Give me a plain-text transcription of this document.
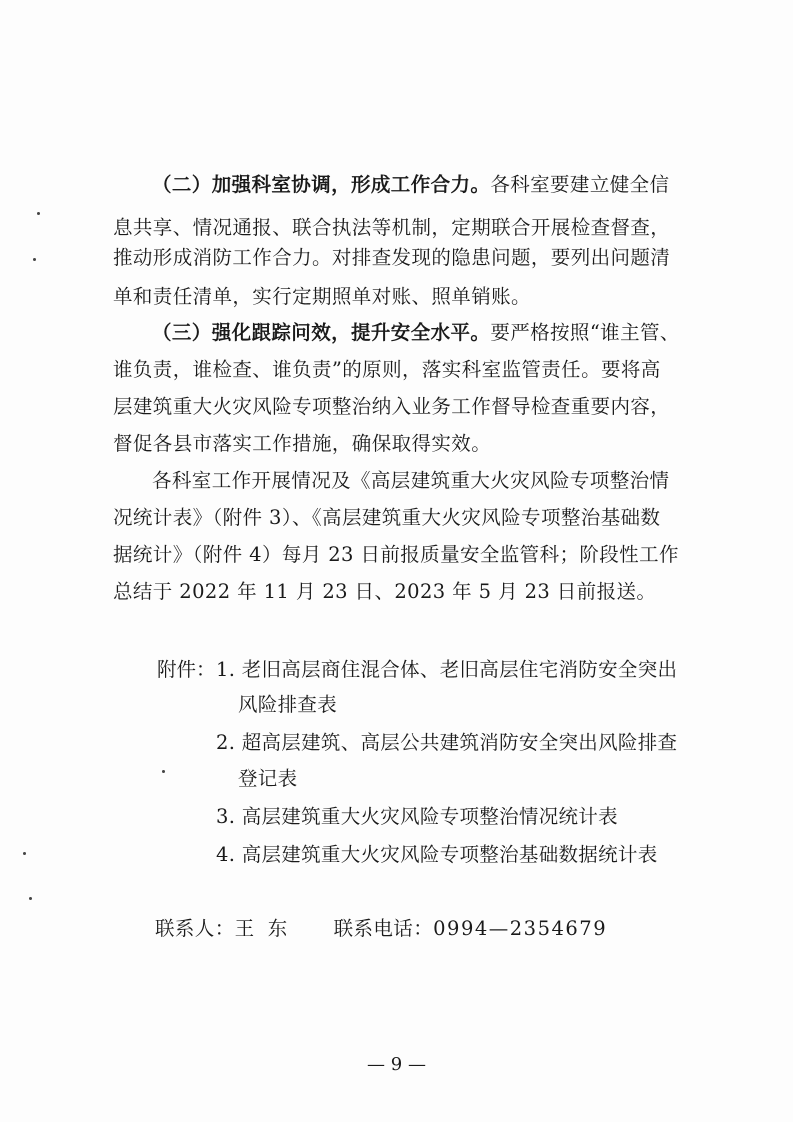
（二）加强科室协调，形成工作合力。各科室要建立健全信
息共享、情况通报、联合执法等机制，定期联合开展检查督查，
推动形成消防工作合力。对排查发现的隐患问题，要列出问题清
单和责任清单，实行定期照单对账、照单销账。
（三）强化跟踪问效，提升安全水平。要严格按照“谁主管、
谁负责，谁检查、谁负责”的原则，落实科室监管责任。要将高
层建筑重大火灾风险专项整治纳入业务工作督导检查重要内容，
督促各县市落实工作措施，确保取得实效。
各科室工作开展情况及《高层建筑重大火灾风险专项整治情
况统计表》（附件 3）、《高层建筑重大火灾风险专项整治基础数
据统计》（附件 4）每月 23 日前报质量安全监管科；阶段性工作
总结于 2022 年 11 月 23 日、2023 年 5 月 23 日前报送。
附件： 1. 老旧高层商住混合体、老旧高层住宅消防安全突出
风险排查表
2. 超高层建筑、高层公共建筑消防安全突出风险排查
登记表
3. 高层建筑重大火灾风险专项整治情况统计表
4. 高层建筑重大火灾风险专项整治基础数据统计表
联系人：王  东 联系电话：0994—2354679
— 9 —
